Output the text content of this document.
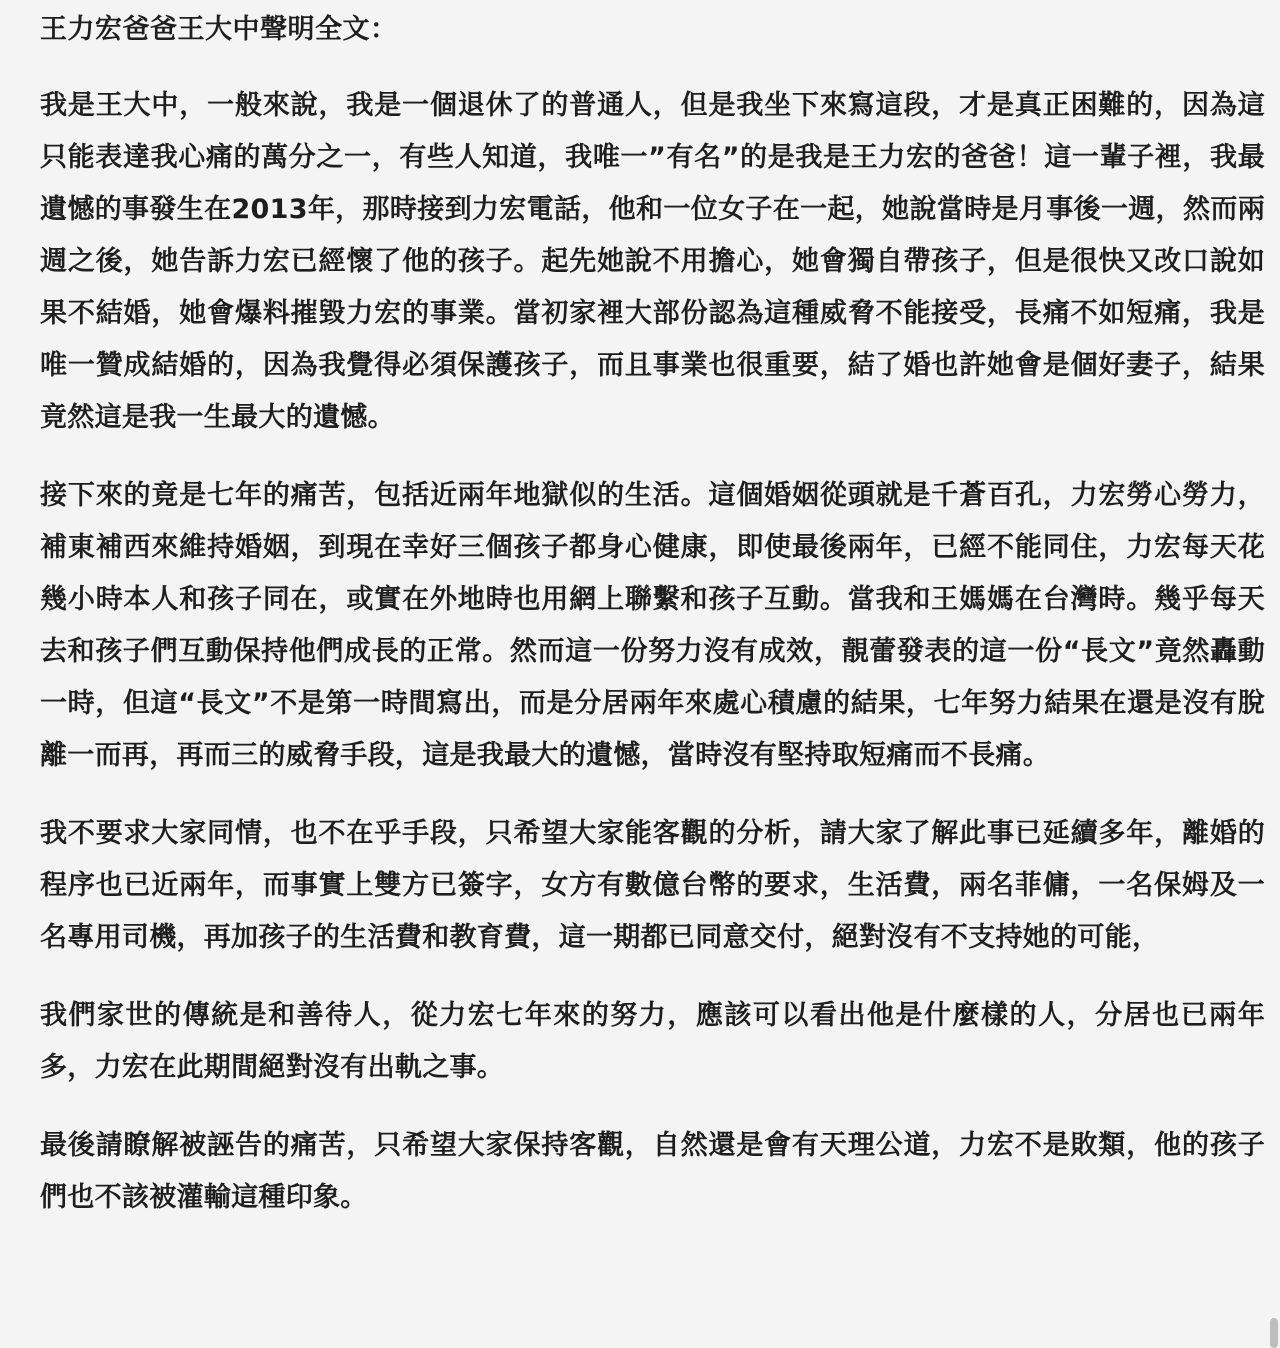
王力宏爸爸王大中聲明全文：

我是王大中，一般來說，我是一個退休了的普通人，但是我坐下來寫這段，才是真正困難的，因為這只能表達我心痛的萬分之一，有些人知道，我唯一”有名”的是我是王力宏的爸爸！這一輩子裡，我最遺憾的事發生在2013年，那時接到力宏電話，他和一位女子在一起，她說當時是月事後一週，然而兩週之後，她告訴力宏已經懷了他的孩子。起先她說不用擔心，她會獨自帶孩子，但是很快又改口說如果不結婚，她會爆料摧毀力宏的事業。當初家裡大部份認為這種威脅不能接受，長痛不如短痛，我是唯一贊成結婚的，因為我覺得必須保護孩子，而且事業也很重要，結了婚也許她會是個好妻子，結果竟然這是我一生最大的遺憾。

接下來的竟是七年的痛苦，包括近兩年地獄似的生活。這個婚姻從頭就是千蒼百孔，力宏勞心勞力，補東補西來維持婚姻，到現在幸好三個孩子都身心健康，即使最後兩年，已經不能同住，力宏每天花幾小時本人和孩子同在，或實在外地時也用網上聯繫和孩子互動。當我和王媽媽在台灣時。幾乎每天去和孩子們互動保持他們成長的正常。然而這一份努力沒有成效，靚蕾發表的這一份“長文”竟然轟動一時，但這“長文”不是第一時間寫出，而是分居兩年來處心積慮的結果，七年努力結果在還是沒有脫離一而再，再而三的威脅手段，這是我最大的遺憾，當時沒有堅持取短痛而不長痛。

我不要求大家同情，也不在乎手段，只希望大家能客觀的分析，請大家了解此事已延續多年，離婚的程序也已近兩年，而事實上雙方已簽字，女方有數億台幣的要求，生活費，兩名菲傭，一名保姆及一名專用司機，再加孩子的生活費和教育費，這一期都已同意交付，絕對沒有不支持她的可能，

我們家世的傳統是和善待人，從力宏七年來的努力，應該可以看出他是什麼樣的人，分居也已兩年多，力宏在此期間絕對沒有出軌之事。

最後請瞭解被誣告的痛苦，只希望大家保持客觀，自然還是會有天理公道，力宏不是敗類，他的孩子們也不該被灌輸這種印象。
